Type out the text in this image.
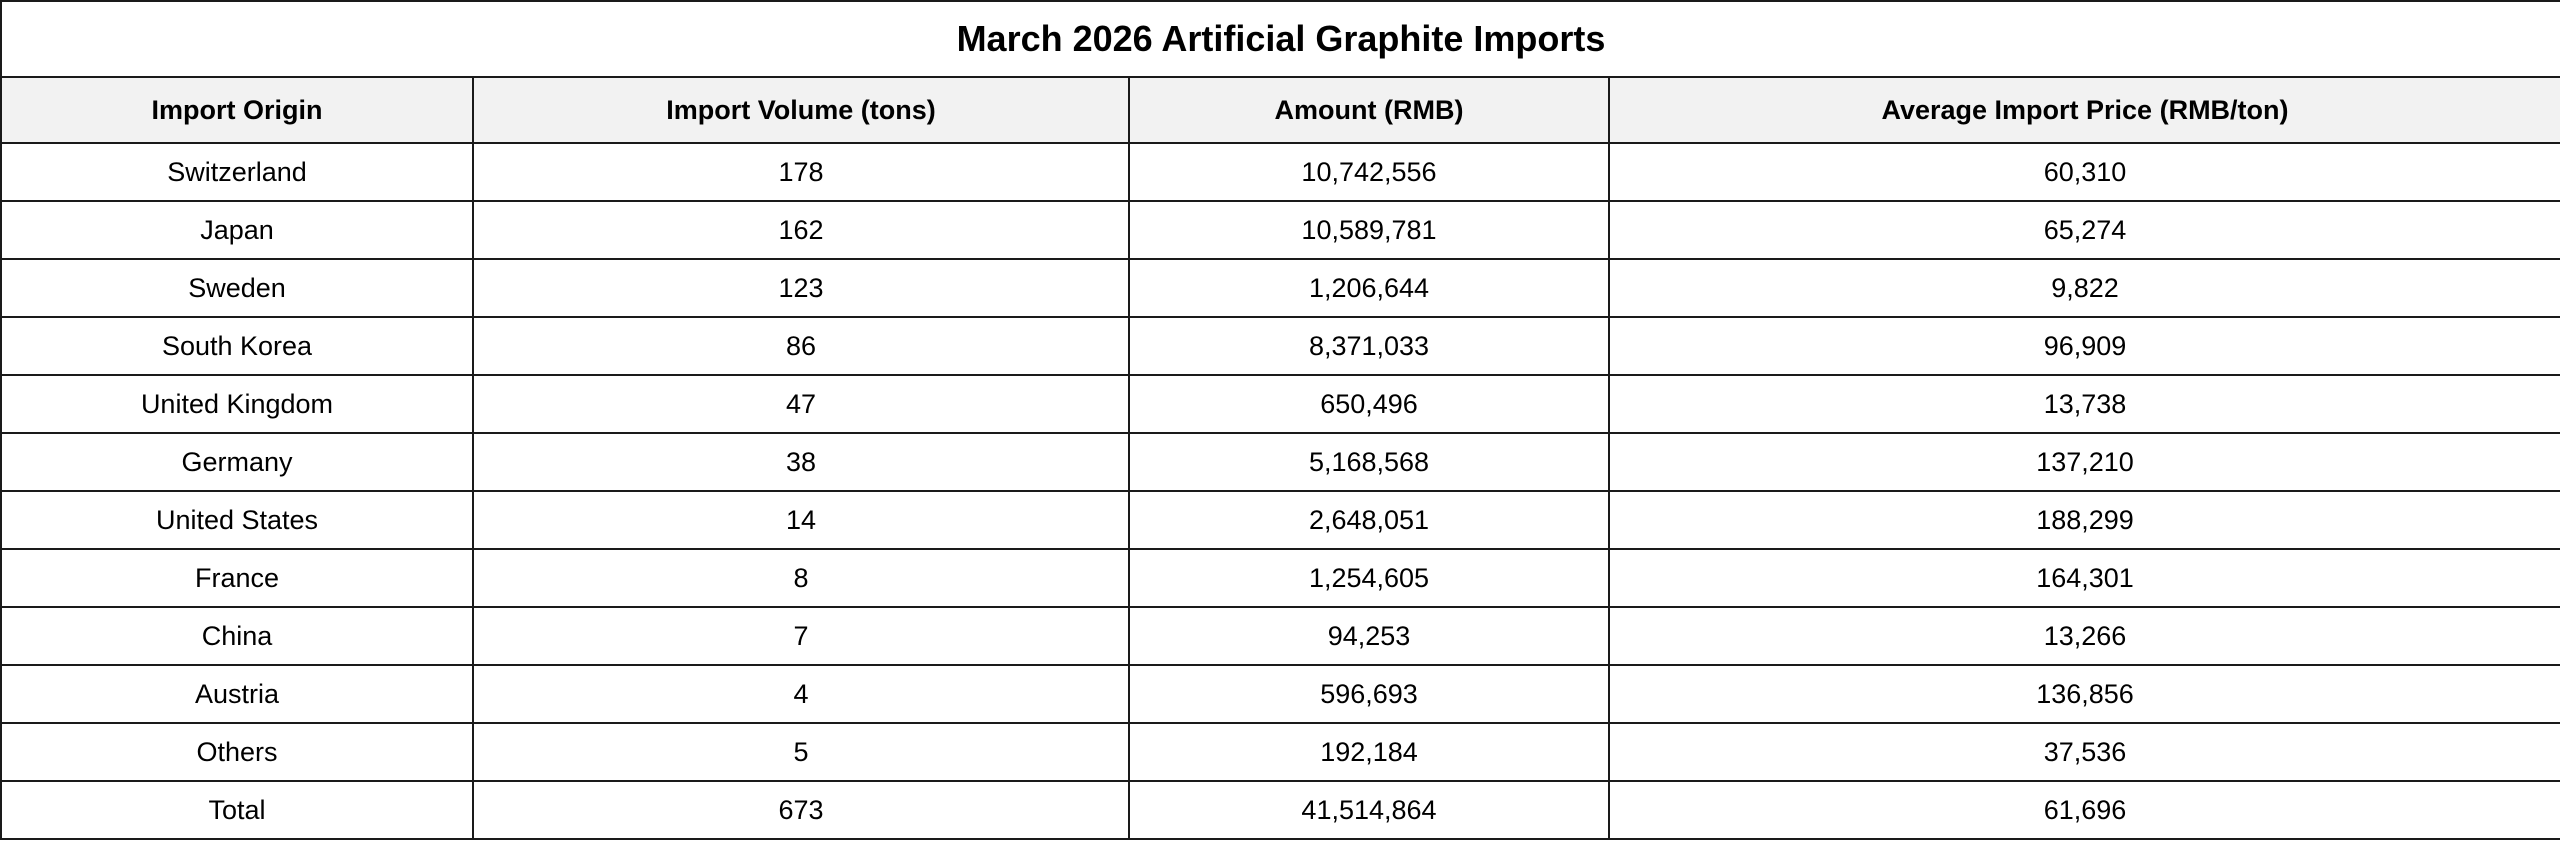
March 2026 Artificial Graphite Imports			
Import Origin	Import Volume (tons)	Amount (RMB)	Average Import Price (RMB/ton)
Switzerland	178	10,742,556	60,310
Japan	162	10,589,781	65,274
Sweden	123	1,206,644	9,822
South Korea	86	8,371,033	96,909
United Kingdom	47	650,496	13,738
Germany	38	5,168,568	137,210
United States	14	2,648,051	188,299
France	8	1,254,605	164,301
China	7	94,253	13,266
Austria	4	596,693	136,856
Others	5	192,184	37,536
Total	673	41,514,864	61,696
